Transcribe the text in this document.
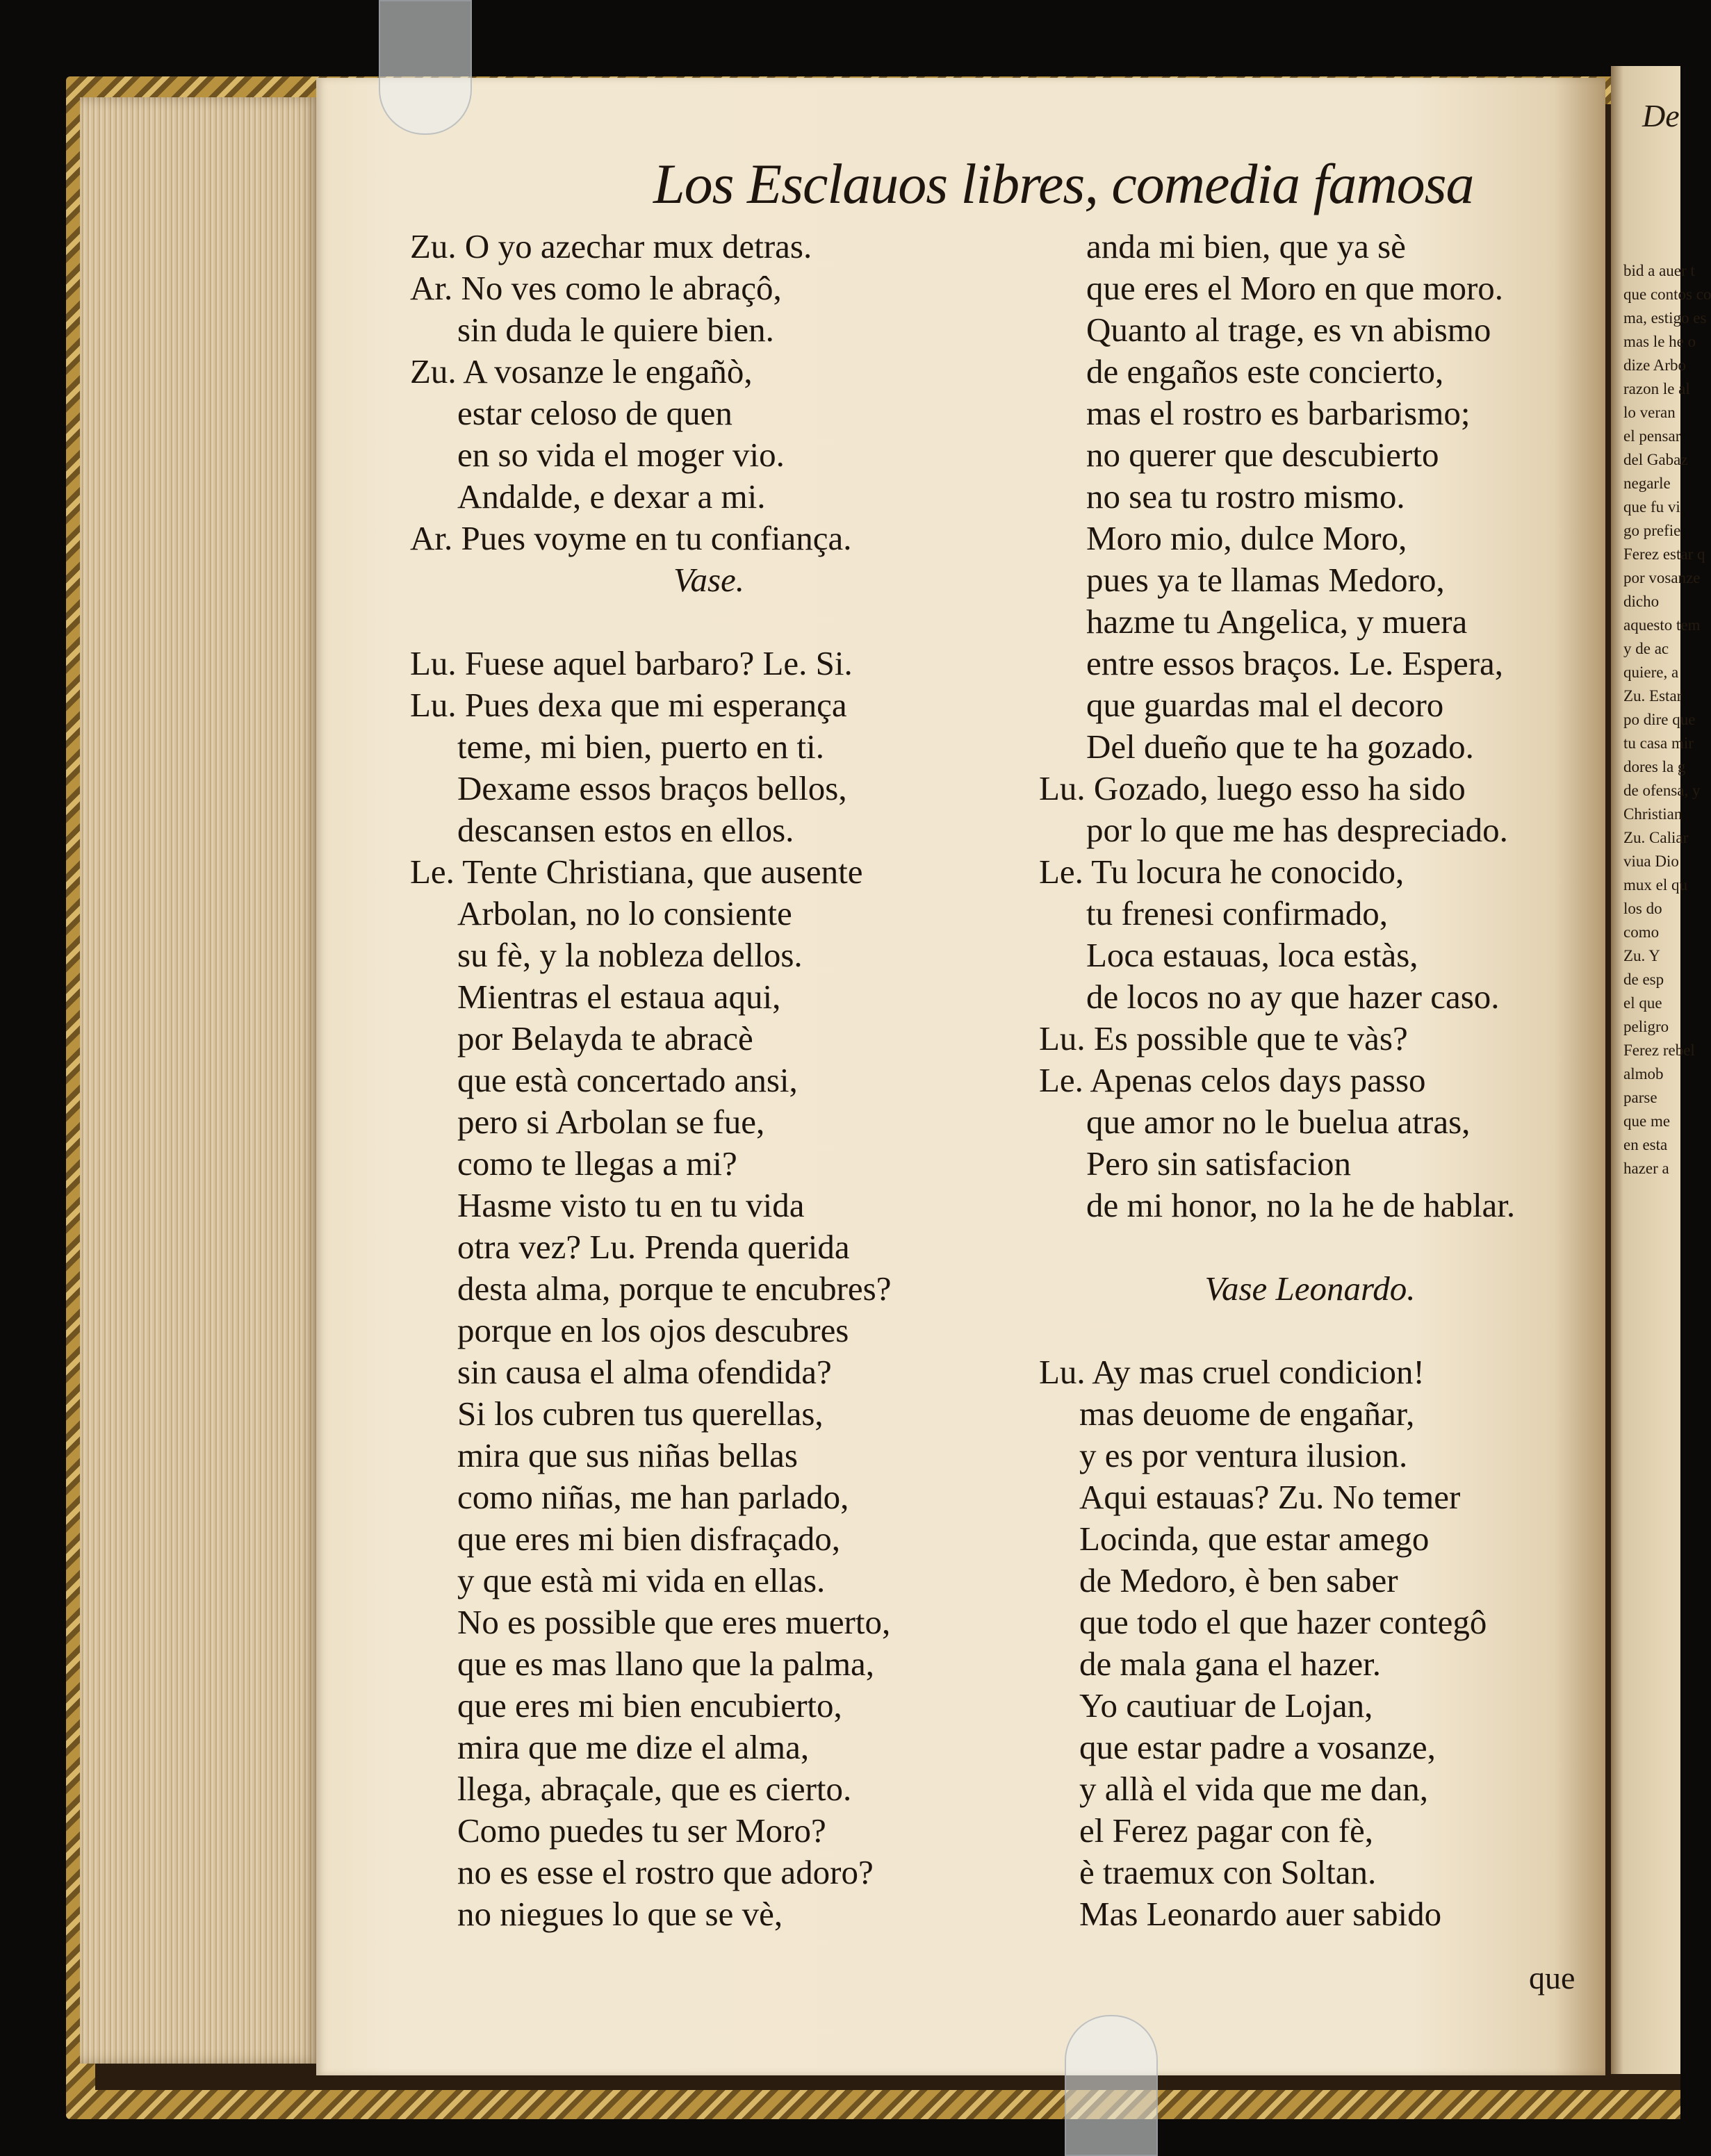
De
bid a auer t
que contos co
ma, estigo es
mas le he o
dize Arbo
razon le al
lo veran
el pensar
del Gabaz
negarle
que fu vi
go prefie
Ferez estar q
por vosanze
dicho
aquesto tem
y de ac
quiere, a
Zu. Estar
po dire que
tu casa mir
dores la g
de ofensa, y
Christian
Zu. Caliar
viua Dio
mux el qu
los do
como
Zu. Y
de esp
el que
peligro
Ferez rebel
almob
parse
que me
en esta
hazer a
Los Esclauos libres, comedia famosa
Zu. O yo azechar mux detras.
Ar. No ves como le abraçô,
sin duda le quiere bien.
Zu. A vosanze le engañò,
estar celoso de quen
en so vida el moger vio.
Andalde, e dexar a mi.
Ar. Pues voyme en tu confiança.
Vase.
Lu. Fuese aquel barbaro? Le. Si.
Lu. Pues dexa que mi esperança
teme, mi bien, puerto en ti.
Dexame essos braços bellos,
descansen estos en ellos.
Le. Tente Christiana, que ausente
Arbolan, no lo consiente
su fè, y la nobleza dellos.
Mientras el estaua aqui,
por Belayda te abracè
que està concertado ansi,
pero si Arbolan se fue,
como te llegas a mi?
Hasme visto tu en tu vida
otra vez? Lu. Prenda querida
desta alma, porque te encubres?
porque en los ojos descubres
sin causa el alma ofendida?
Si los cubren tus querellas,
mira que sus niñas bellas
como niñas, me han parlado,
que eres mi bien disfraçado,
y que està mi vida en ellas.
No es possible que eres muerto,
que es mas llano que la palma,
que eres mi bien encubierto,
mira que me dize el alma,
llega, abraçale, que es cierto.
Como puedes tu ser Moro?
no es esse el rostro que adoro?
no niegues lo que se vè,
anda mi bien, que ya sè
que eres el Moro en que moro.
Quanto al trage, es vn abismo
de engaños este concierto,
mas el rostro es barbarismo;
no querer que descubierto
no sea tu rostro mismo.
Moro mio, dulce Moro,
pues ya te llamas Medoro,
hazme tu Angelica, y muera
entre essos braços. Le. Espera,
que guardas mal el decoro
Del dueño que te ha gozado.
Lu. Gozado, luego esso ha sido
por lo que me has despreciado.
Le. Tu locura he conocido,
tu frenesi confirmado,
Loca estauas, loca estàs,
de locos no ay que hazer caso.
Lu. Es possible que te vàs?
Le. Apenas celos days passo
que amor no le buelua atras,
Pero sin satisfacion
de mi honor, no la he de hablar.
Vase Leonardo.
Lu. Ay mas cruel condicion!
mas deuome de engañar,
y es por ventura ilusion.
Aqui estauas? Zu. No temer
Locinda, que estar amego
de Medoro, è ben saber
que todo el que hazer contegô
de mala gana el hazer.
Yo cautiuar de Lojan,
que estar padre a vosanze,
y allà el vida que me dan,
el Ferez pagar con fè,
è traemux con Soltan.
Mas Leonardo auer sabido
que
